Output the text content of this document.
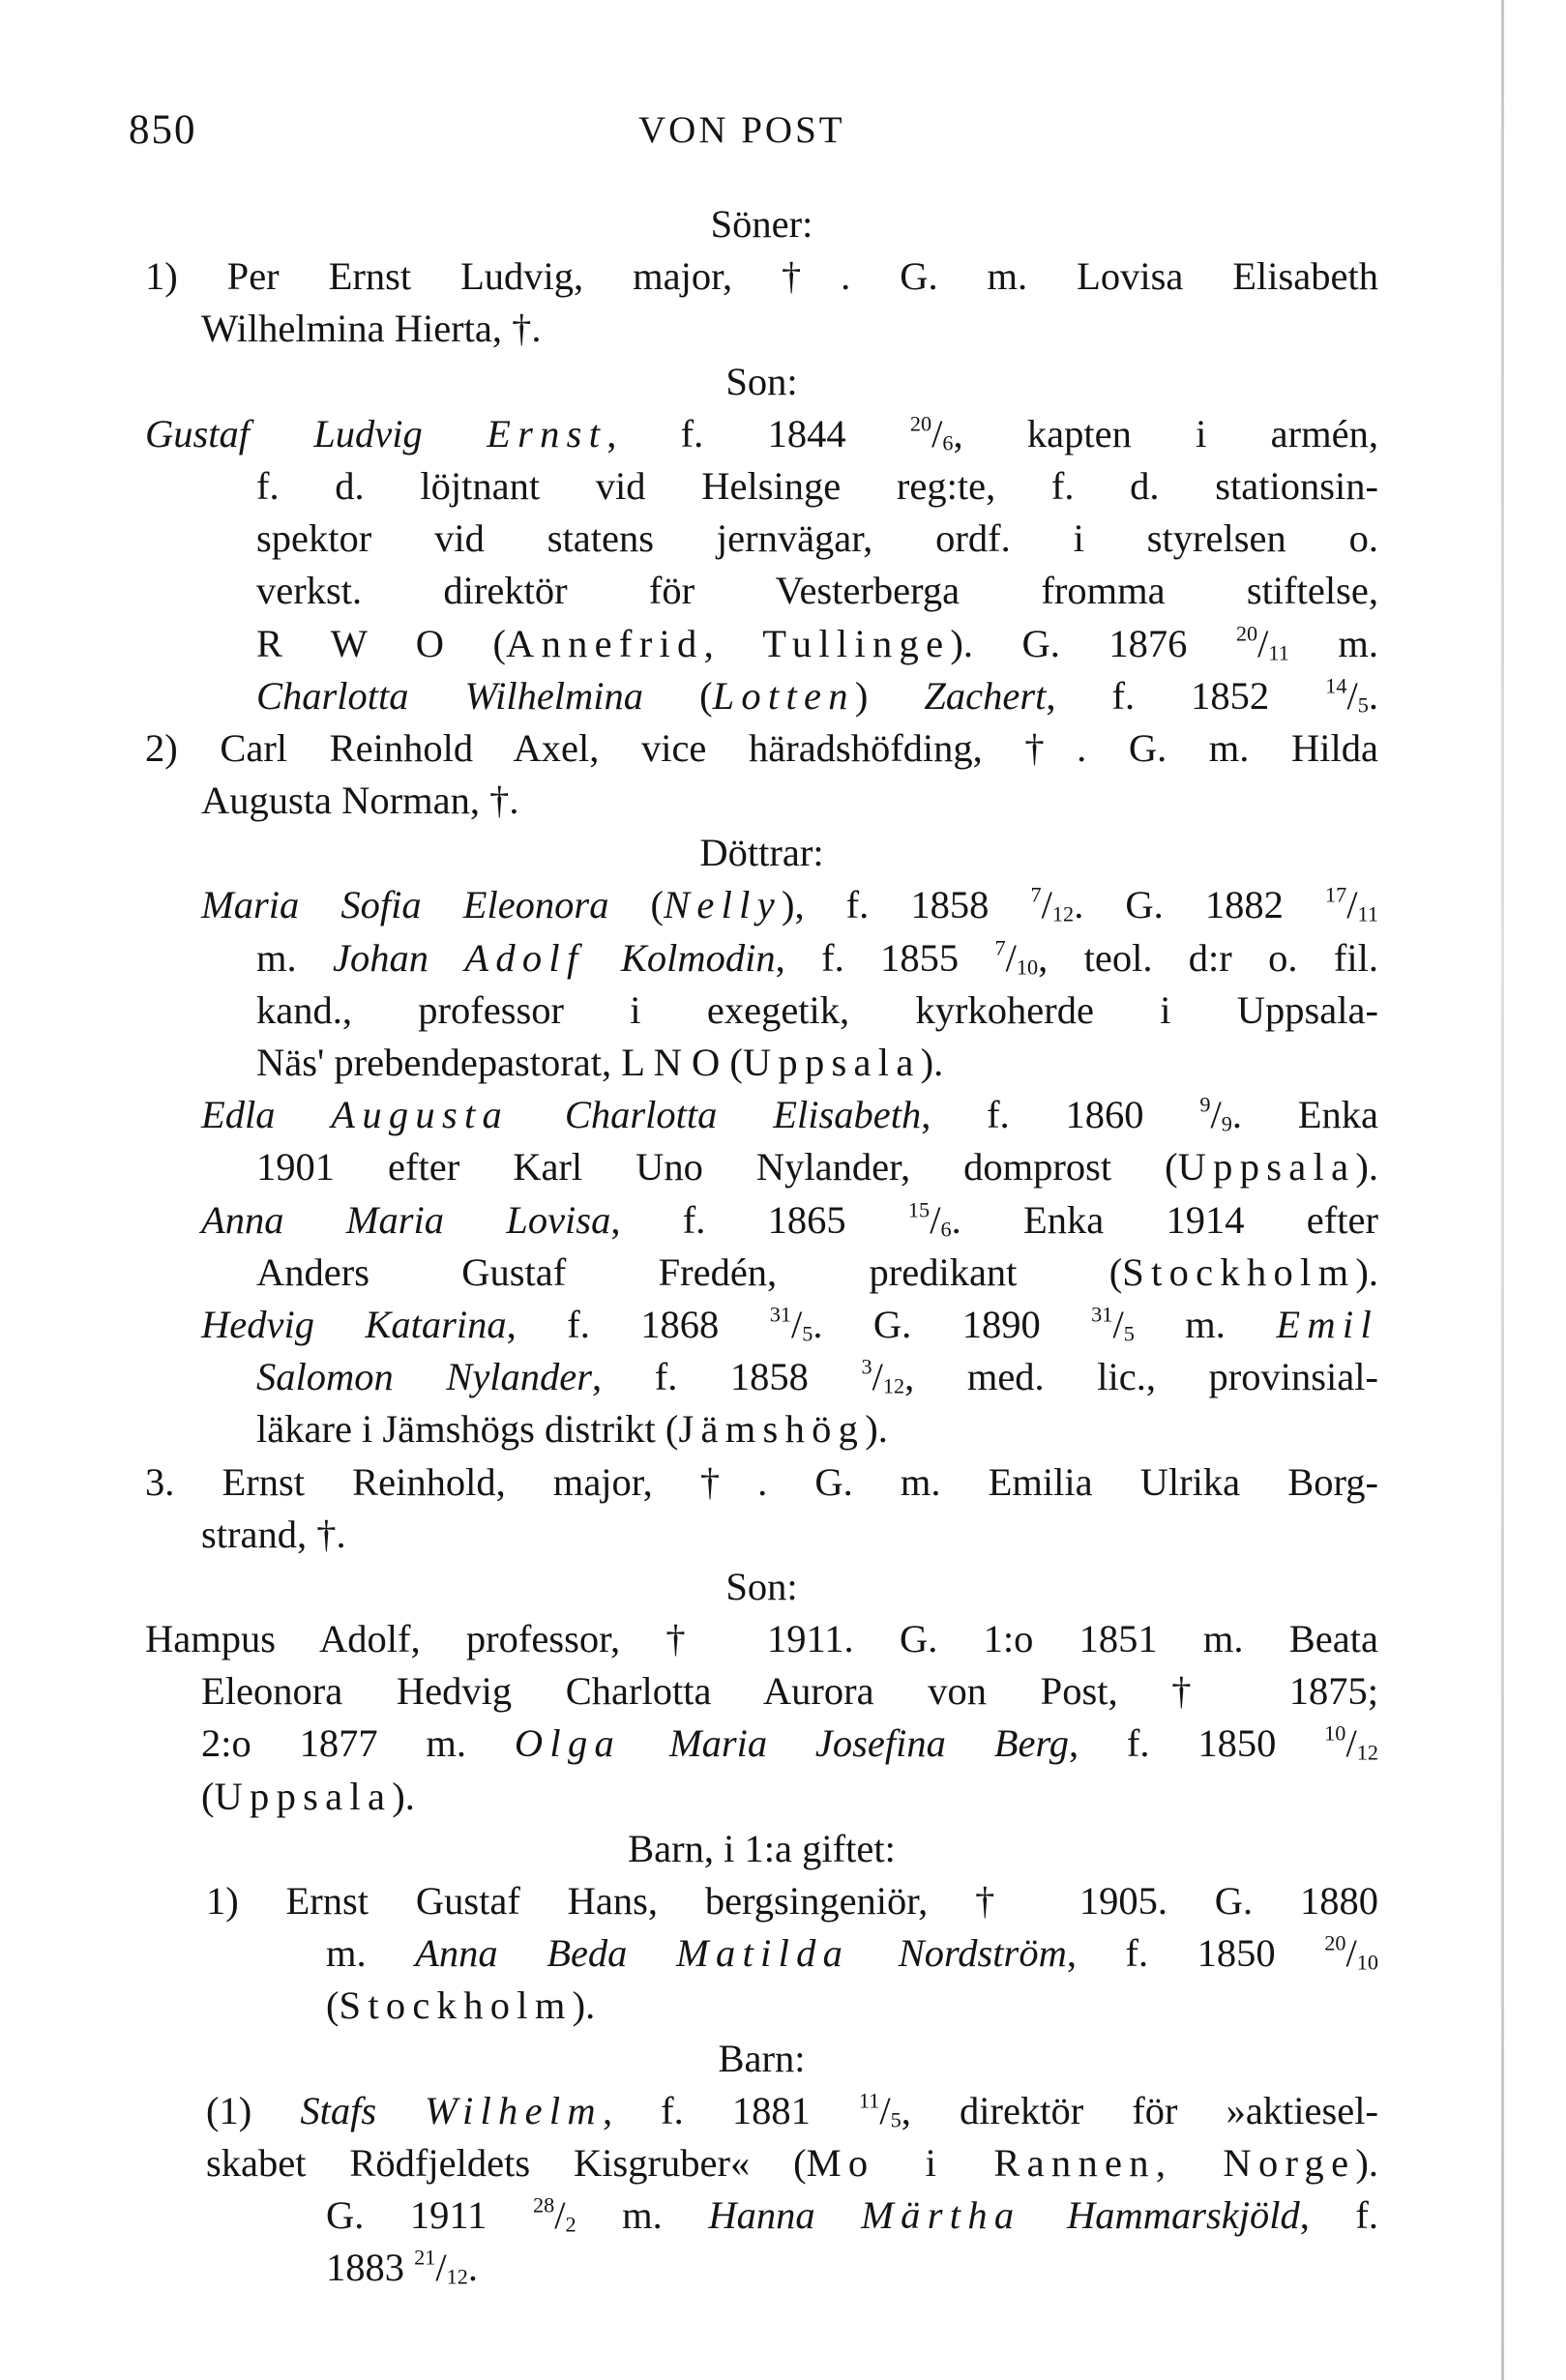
850	VON POST
Söner:
1) Per Ernst Ludvig, major, †. G. m. Lovisa Elisabeth
Wilhelmina Hierta, †.
Son:
Gustaf Ludvig Ernst, f. 1844 $^{20}/_6$, kapten i armén,
f. d. löjtnant vid Helsinge reg:te, f. d. stationsin-
spektor vid statens jernvägar, ordf. i styrelsen o.
verkst. direktör för Vesterberga fromma stiftelse,
R W O (Annefrid, Tullinge). G. 1876 $^{20}/_{11}$ m.
Charlotta Wilhelmina (Lotten) Zachert, f. 1852 $^{14}/_5$.
2) Carl Reinhold Axel, vice häradshöfding, †. G. m. Hilda
Augusta Norman, †.
Döttrar:
Maria Sofia Eleonora (Nelly), f. 1858 $^7/_{12}$. G. 1882 $^{17}/_{11}$
m. Johan Adolf Kolmodin, f. 1855 $^7/_{10}$, teol. d:r o. fil.
kand., professor i exegetik, kyrkoherde i Uppsala-
Näs' prebendepastorat, L N O (Uppsala).
Edla Augusta Charlotta Elisabeth, f. 1860 $^9/_9$. Enka
1901 efter Karl Uno Nylander, domprost (Uppsala).
Anna Maria Lovisa, f. 1865 $^{15}/_6$. Enka 1914 efter
Anders Gustaf Fredén, predikant (Stockholm).
Hedvig Katarina, f. 1868 $^{31}/_5$. G. 1890 $^{31}/_5$ m. Emil
Salomon Nylander, f. 1858 $^3/_{12}$, med. lic., provinsial-
läkare i Jämshögs distrikt (Jämshög).
3. Ernst Reinhold, major, †. G. m. Emilia Ulrika Borg-
strand, †.
Son:
Hampus Adolf, professor, † 1911. G. 1:o 1851 m. Beata
Eleonora Hedvig Charlotta Aurora von Post, † 1875;
2:o 1877 m. Olga Maria Josefina Berg, f. 1850 $^{10}/_{12}$
(Uppsala).
Barn, i 1:a giftet:
1) Ernst Gustaf Hans, bergsingeniör, † 1905. G. 1880
m. Anna Beda Matilda Nordström, f. 1850 $^{20}/_{10}$
(Stockholm).
Barn:
(1) Stafs Wilhelm, f. 1881 $^{11}/_5$, direktör för »aktiesel-
skabet Rödfjeldets Kisgruber« (Mo i Rannen, Norge).
G. 1911 $^{28}/_2$ m. Hanna Märtha Hammarskjöld, f.
1883 $^{21}/_{12}$.
